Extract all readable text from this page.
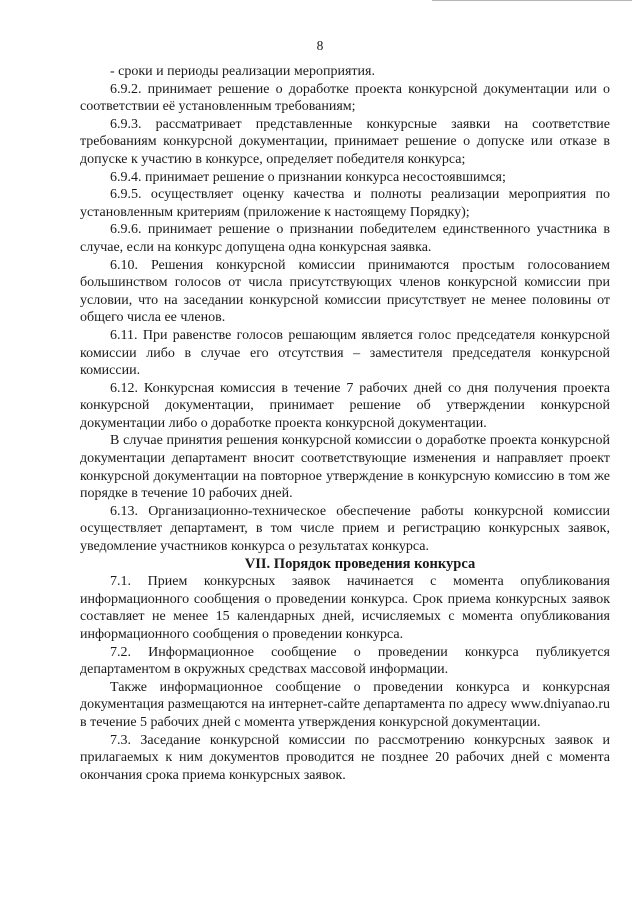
8

- сроки и периоды реализации мероприятия.

6.9.2. принимает решение о доработке проекта конкурсной документации или о соответствии её установленным требованиям;

6.9.3. рассматривает представленные конкурсные заявки на соответствие требованиям конкурсной документации, принимает решение о допуске или отказе в допуске к участию в конкурсе, определяет победителя конкурса;

6.9.4. принимает решение о признании конкурса несостоявшимся;

6.9.5. осуществляет оценку качества и полноты реализации мероприятия по установленным критериям (приложение к настоящему Порядку);

6.9.6. принимает решение о признании победителем единственного участника в случае, если на конкурс допущена одна конкурсная заявка.

6.10. Решения конкурсной комиссии принимаются простым голосованием большинством голосов от числа присутствующих членов конкурсной комиссии при условии, что на заседании конкурсной комиссии присутствует не менее половины от общего числа ее членов.

6.11. При равенстве голосов решающим является голос председателя конкурсной комиссии либо в случае его отсутствия – заместителя председателя конкурсной комиссии.

6.12. Конкурсная комиссия в течение 7 рабочих дней со дня получения проекта конкурсной документации, принимает решение об утверждении конкурсной документации либо о доработке проекта конкурсной документации.

В случае принятия решения конкурсной комиссии о доработке проекта конкурсной документации департамент вносит соответствующие изменения и направляет проект конкурсной документации на повторное утверждение в конкурсную комиссию в том же порядке в течение 10 рабочих дней.

6.13. Организационно-техническое обеспечение работы конкурсной комиссии осуществляет департамент, в том числе прием и регистрацию конкурсных заявок, уведомление участников конкурса о результатах конкурса.

VII. Порядок проведения конкурса

7.1. Прием конкурсных заявок начинается с момента опубликования информационного сообщения о проведении конкурса. Срок приема конкурсных заявок составляет не менее 15 календарных дней, исчисляемых с момента опубликования информационного сообщения о проведении конкурса.

7.2. Информационное сообщение о проведении конкурса публикуется департаментом в окружных средствах массовой информации.

Также информационное сообщение о проведении конкурса и конкурсная документация размещаются на интернет-сайте департамента по адресу www.dniyanao.ru в течение 5 рабочих дней с момента утверждения конкурсной документации.

7.3. Заседание конкурсной комиссии по рассмотрению конкурсных заявок и прилагаемых к ним документов проводится не позднее 20 рабочих дней с момента окончания срока приема конкурсных заявок.
